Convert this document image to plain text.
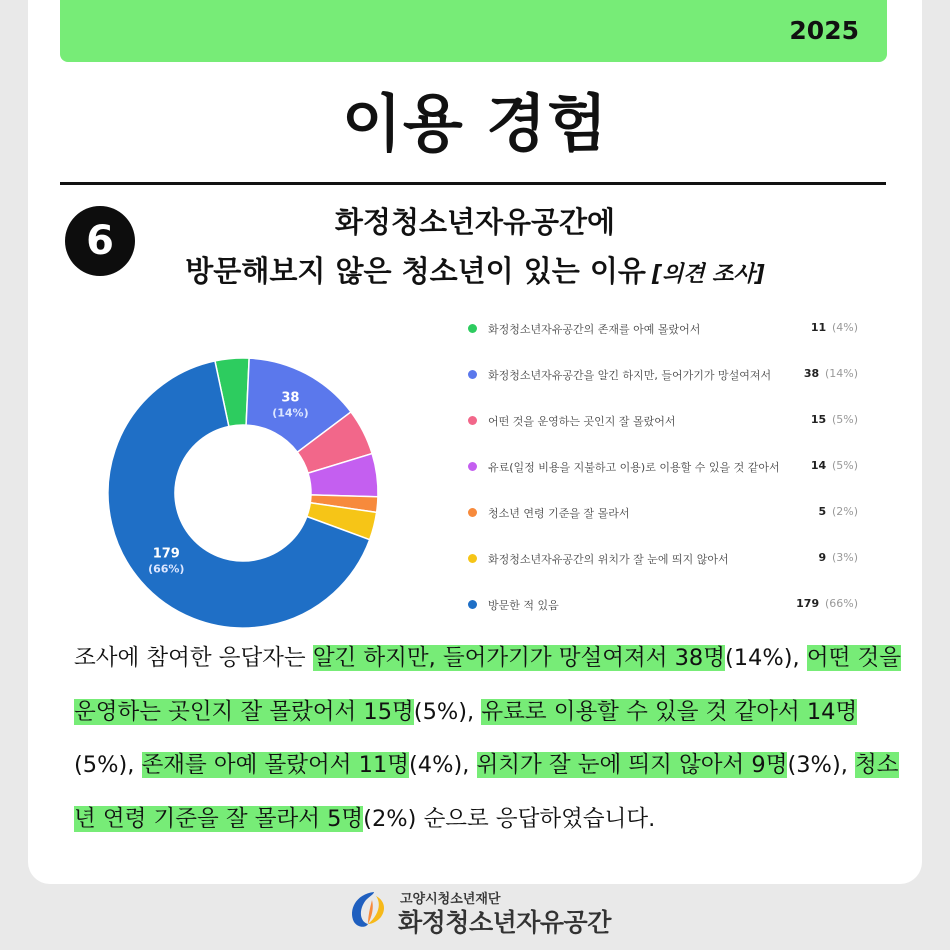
2025
이용 경험
6	화정청소년자유공간에
방문해보지 않은 청소년이 있는 이유 [의견 조사]
38
(14%)
179
(66%)
화정청소년자유공간의 존재를 아예 몰랐어서	11 (4%)
화정청소년자유공간을 알긴 하지만, 들어가기가 망설여져서	38 (14%)
어떤 것을 운영하는 곳인지 잘 몰랐어서	15 (5%)
유료(일정 비용을 지불하고 이용)로 이용할 수 있을 것 같아서	14 (5%)
청소년 연령 기준을 잘 몰라서	5 (2%)
화정청소년자유공간의 위치가 잘 눈에 띄지 않아서	9 (3%)
방문한 적 있음	179 (66%)
조사에 참여한 응답자는 알긴 하지만, 들어가기가 망설여져서 38명(14%), 어떤 것을 운영하는 곳인지 잘 몰랐어서 15명(5%), 유료로 이용할 수 있을 것 같아서 14명(5%), 존재를 아예 몰랐어서 11명(4%), 위치가 잘 눈에 띄지 않아서 9명(3%), 청소년 연령 기준을 잘 몰라서 5명(2%) 순으로 응답하였습니다.
고양시청소년재단
화정청소년자유공간
